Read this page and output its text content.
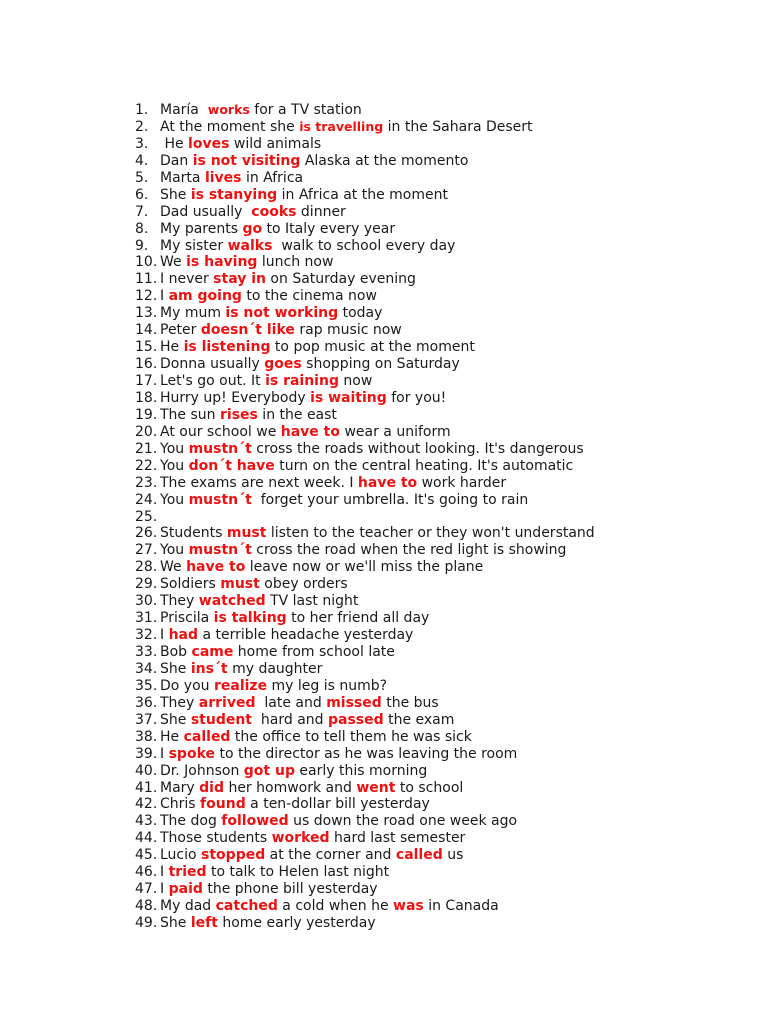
1. María  works for a TV station
2. At the moment she is travelling in the Sahara Desert
3. He loves wild animals
4. Dan is not visiting Alaska at the momento
5. Marta lives in Africa
6. She is stanying in Africa at the moment
7. Dad usually  cooks dinner
8. My parents go to Italy every year
9. My sister walks  walk to school every day
10. We is having lunch now
11. I never stay in on Saturday evening
12. I am going to the cinema now
13. My mum is not working today
14. Peter doesn´t like rap music now
15. He is listening to pop music at the moment
16. Donna usually goes shopping on Saturday
17. Let's go out. It is raining now
18. Hurry up! Everybody is waiting for you!
19. The sun rises in the east
20. At our school we have to wear a uniform
21. You mustn´t cross the roads without looking. It's dangerous
22. You don´t have turn on the central heating. It's automatic
23. The exams are next week. I have to work harder
24. You mustn´t  forget your umbrella. It's going to rain
25.
26. Students must listen to the teacher or they won't understand
27. You mustn´t cross the road when the red light is showing
28. We have to leave now or we'll miss the plane
29. Soldiers must obey orders
30. They watched TV last night
31. Priscila is talking to her friend all day
32. I had a terrible headache yesterday
33. Bob came home from school late
34. She ins´t my daughter
35. Do you realize my leg is numb?
36. They arrived  late and missed the bus
37. She student  hard and passed the exam
38. He called the office to tell them he was sick
39. I spoke to the director as he was leaving the room
40. Dr. Johnson got up early this morning
41. Mary did her homwork and went to school
42. Chris found a ten-dollar bill yesterday
43. The dog followed us down the road one week ago
44. Those students worked hard last semester
45. Lucio stopped at the corner and called us
46. I tried to talk to Helen last night
47. I paid the phone bill yesterday
48. My dad catched a cold when he was in Canada
49. She left home early yesterday
